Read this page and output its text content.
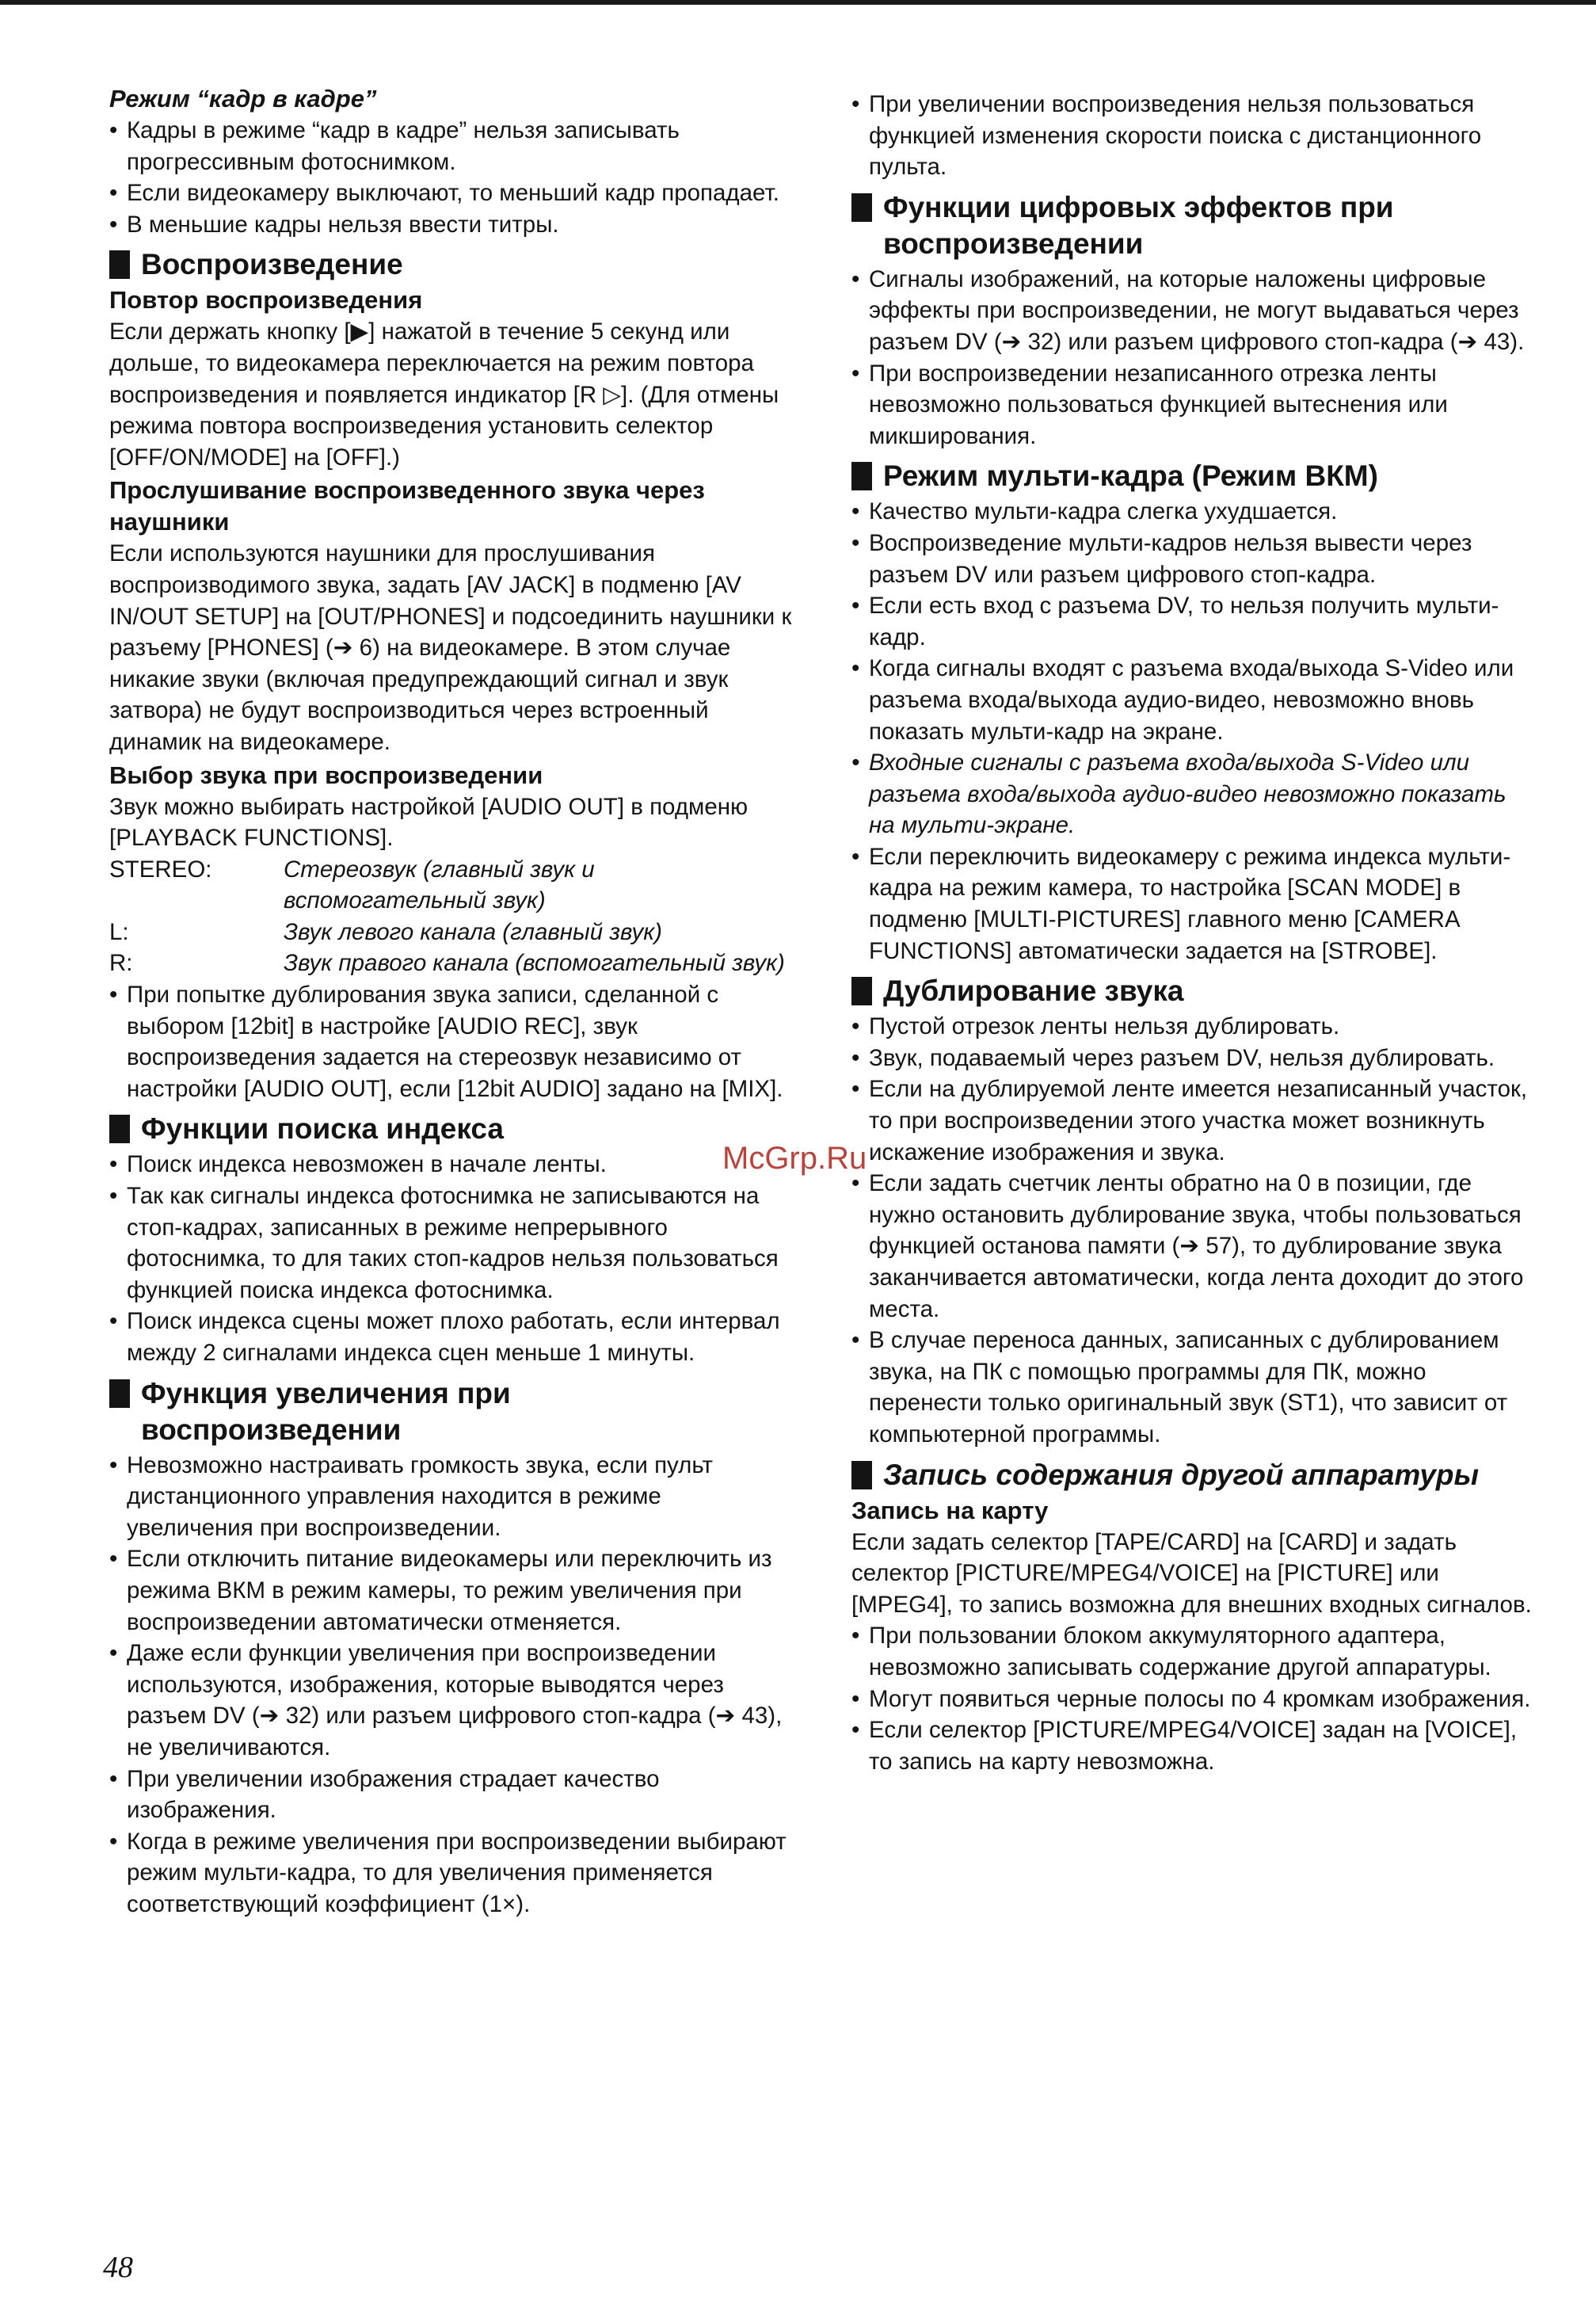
Режим “кадр в кадре”
• Кадры в режиме “кадр в кадре” нельзя записывать прогрессивным фотоснимком.
• Если видеокамеру выключают, то меньший кадр пропадает.
• В меньшие кадры нельзя ввести титры.
Воспроизведение
Повтор воспроизведения
Если держать кнопку [▶] нажатой в течение 5 секунд или дольше, то видеокамера переключается на режим повтора воспроизведения и появляется индикатор [R ▷]. (Для отмены режима повтора воспроизведения установить селектор [OFF/ON/MODE] на [OFF].)
Прослушивание воспроизведенного звука через наушники
Если используются наушники для прослушивания воспроизводимого звука, задать [AV JACK] в подменю [AV IN/OUT SETUP] на [OUT/PHONES] и подсоединить наушники к разъему [PHONES] (➔ 6) на видеокамере. В этом случае никакие звуки (включая предупреждающий сигнал и звук затвора) не будут воспроизводиться через встроенный динамик на видеокамере.
Выбор звука при воспроизведении
Звук можно выбирать настройкой [AUDIO OUT] в подменю [PLAYBACK FUNCTIONS].
STEREO:	Стереозвук (главный звук и вспомогательный звук)
L:	Звук левого канала (главный звук)
R:	Звук правого канала (вспомогательный звук)
• При попытке дублирования звука записи, сделанной с выбором [12bit] в настройке [AUDIO REC], звук воспроизведения задается на стереозвук независимо от настройки [AUDIO OUT], если [12bit AUDIO] задано на [MIX].
Функции поиска индекса
• Поиск индекса невозможен в начале ленты.
• Так как сигналы индекса фотоснимка не записываются на стоп-кадрах, записанных в режиме непрерывного фотоснимка, то для таких стоп-кадров нельзя пользоваться функцией поиска индекса фотоснимка.
• Поиск индекса сцены может плохо работать, если интервал между 2 сигналами индекса сцен меньше 1 минуты.
Функция увеличения при
воспроизведении
• Невозможно настраивать громкость звука, если пульт дистанционного управления находится в режиме увеличения при воспроизведении.
• Если отключить питание видеокамеры или переключить из режима ВКМ в режим камеры, то режим увеличения при воспроизведении автоматически отменяется.
• Даже если функции увеличения при воспроизведении используются, изображения, которые выводятся через разъем DV (➔ 32) или разъем цифрового стоп-кадра (➔ 43), не увеличиваются.
• При увеличении изображения страдает качество изображения.
• Когда в режиме увеличения при воспроизведении выбирают режим мульти-кадра, то для увеличения применяется соответствующий коэффициент (1×).
• При увеличении воспроизведения нельзя пользоваться функцией изменения скорости поиска с дистанционного пульта.
Функции цифровых эффектов при
воспроизведении
• Сигналы изображений, на которые наложены цифровые эффекты при воспроизведении, не могут выдаваться через разъем DV (➔ 32) или разъем цифрового стоп-кадра (➔ 43).
• При воспроизведении незаписанного отрезка ленты невозможно пользоваться функцией вытеснения или микширования.
Режим мульти-кадра (Режим ВКМ)
• Качество мульти-кадра слегка ухудшается.
• Воспроизведение мульти-кадров нельзя вывести через разъем DV или разъем цифрового стоп-кадра.
• Если есть вход с разъема DV, то нельзя получить мульти-кадр.
• Когда сигналы входят с разъема входа/выхода S-Video или разъема входа/выхода аудио-видео, невозможно вновь показать мульти-кадр на экране.
• Входные сигналы с разъема входа/выхода S-Video или разъема входа/выхода аудио-видео невозможно показать на мульти-экране.
• Если переключить видеокамеру с режима индекса мульти-кадра на режим камера, то настройка [SCAN MODE] в подменю [MULTI-PICTURES] главного меню [CAMERA FUNCTIONS] автоматически задается на [STROBE].
Дублирование звука
• Пустой отрезок ленты нельзя дублировать.
• Звук, подаваемый через разъем DV, нельзя дублировать.
• Если на дублируемой ленте имеется незаписанный участок, то при воспроизведении этого участка может возникнуть искажение изображения и звука.
• Если задать счетчик ленты обратно на 0 в позиции, где нужно остановить дублирование звука, чтобы пользоваться функцией останова памяти (➔ 57), то дублирование звука заканчивается автоматически, когда лента доходит до этого места.
• В случае переноса данных, записанных с дублированием звука, на ПК с помощью программы для ПК, можно перенести только оригинальный звук (ST1), что зависит от компьютерной программы.
Запись содержания другой аппаратуры
Запись на карту
Если задать селектор [TAPE/CARD] на [CARD] и задать селектор [PICTURE/MPEG4/VOICE] на [PICTURE] или [MPEG4], то запись возможна для внешних входных сигналов.
• При пользовании блоком аккумуляторного адаптера, невозможно записывать содержание другой аппаратуры.
• Могут появиться черные полосы по 4 кромкам изображения.
• Если селектор [PICTURE/MPEG4/VOICE] задан на [VOICE], то запись на карту невозможна.
McGrp.Ru
48
